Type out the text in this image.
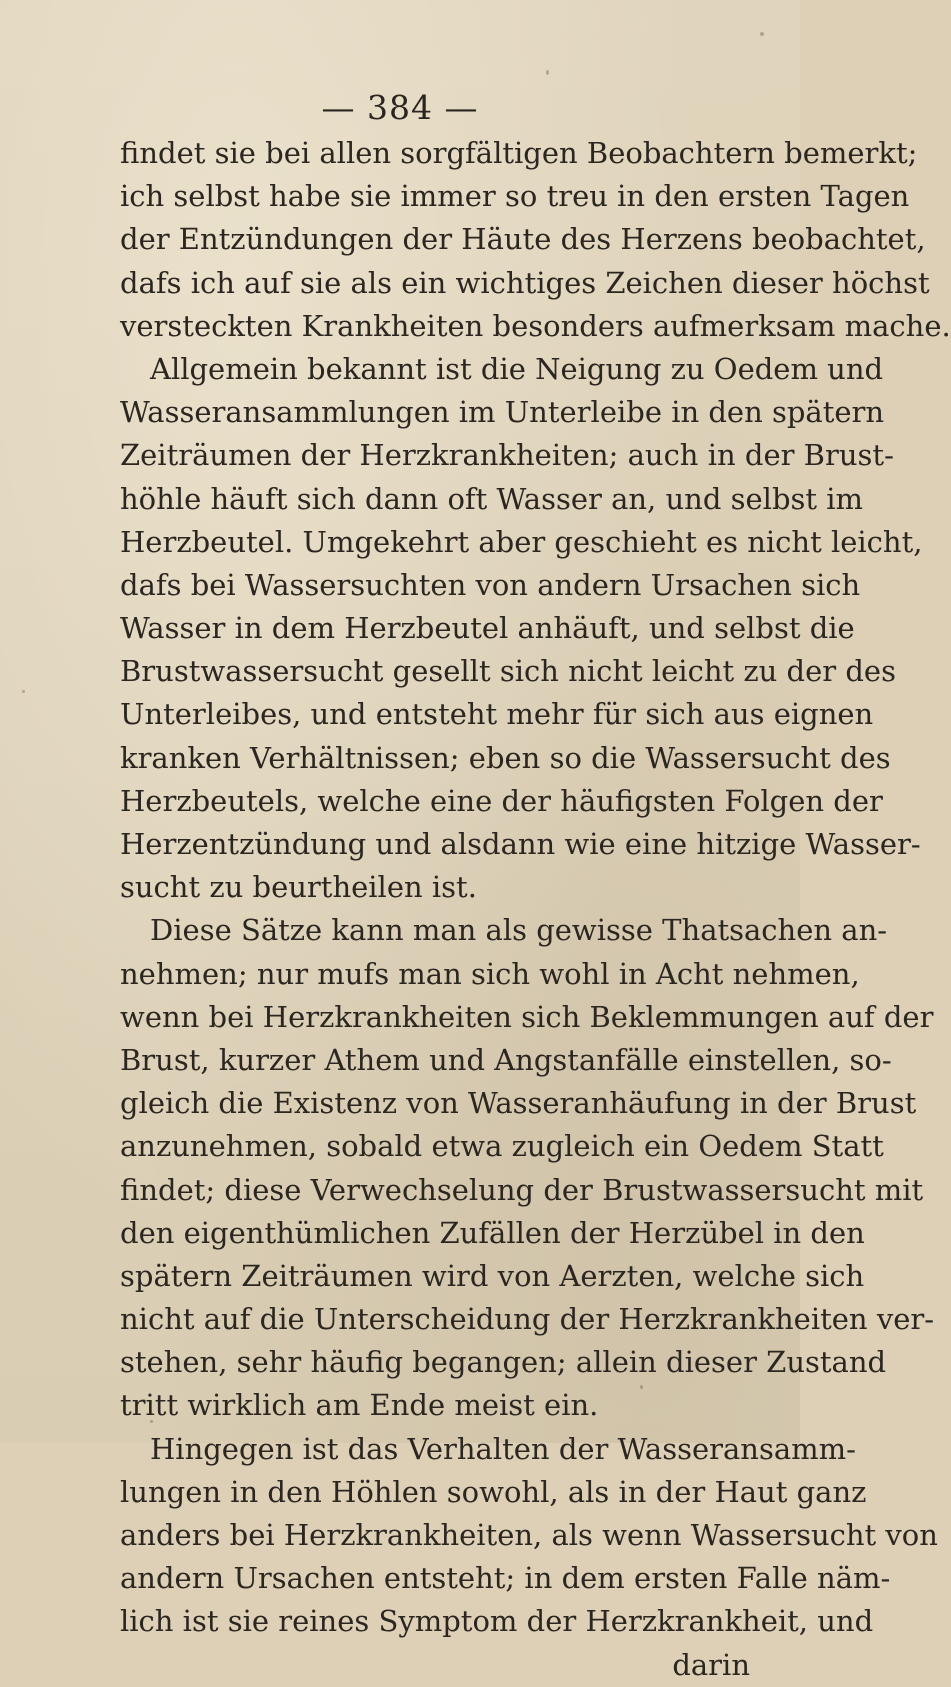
— 384 —
findet sie bei allen sorgfältigen Beobachtern bemerkt;
ich selbst habe sie immer so treu in den ersten Tagen
der Entzündungen der Häute des Herzens beobachtet,
dafs ich auf sie als ein wichtiges Zeichen dieser höchst
versteckten Krankheiten besonders aufmerksam mache.
Allgemein bekannt ist die Neigung zu Oedem und
Wasseransammlungen im Unterleibe in den spätern
Zeiträumen der Herzkrankheiten; auch in der Brust-
höhle häuft sich dann oft Wasser an, und selbst im
Herzbeutel. Umgekehrt aber geschieht es nicht leicht,
dafs bei Wassersuchten von andern Ursachen sich
Wasser in dem Herzbeutel anhäuft, und selbst die
Brustwassersucht gesellt sich nicht leicht zu der des
Unterleibes, und entsteht mehr für sich aus eignen
kranken Verhältnissen; eben so die Wassersucht des
Herzbeutels, welche eine der häufigsten Folgen der
Herzentzündung und alsdann wie eine hitzige Wasser-
sucht zu beurtheilen ist.
Diese Sätze kann man als gewisse Thatsachen an-
nehmen; nur mufs man sich wohl in Acht nehmen,
wenn bei Herzkrankheiten sich Beklemmungen auf der
Brust, kurzer Athem und Angstanfälle einstellen, so-
gleich die Existenz von Wasseranhäufung in der Brust
anzunehmen, sobald etwa zugleich ein Oedem Statt
findet; diese Verwechselung der Brustwassersucht mit
den eigenthümlichen Zufällen der Herzübel in den
spätern Zeiträumen wird von Aerzten, welche sich
nicht auf die Unterscheidung der Herzkrankheiten ver-
stehen, sehr häufig begangen; allein dieser Zustand
tritt wirklich am Ende meist ein.
Hingegen ist das Verhalten der Wasseransamm-
lungen in den Höhlen sowohl, als in der Haut ganz
anders bei Herzkrankheiten, als wenn Wassersucht von
andern Ursachen entsteht; in dem ersten Falle näm-
lich ist sie reines Symptom der Herzkrankheit, und
darin
